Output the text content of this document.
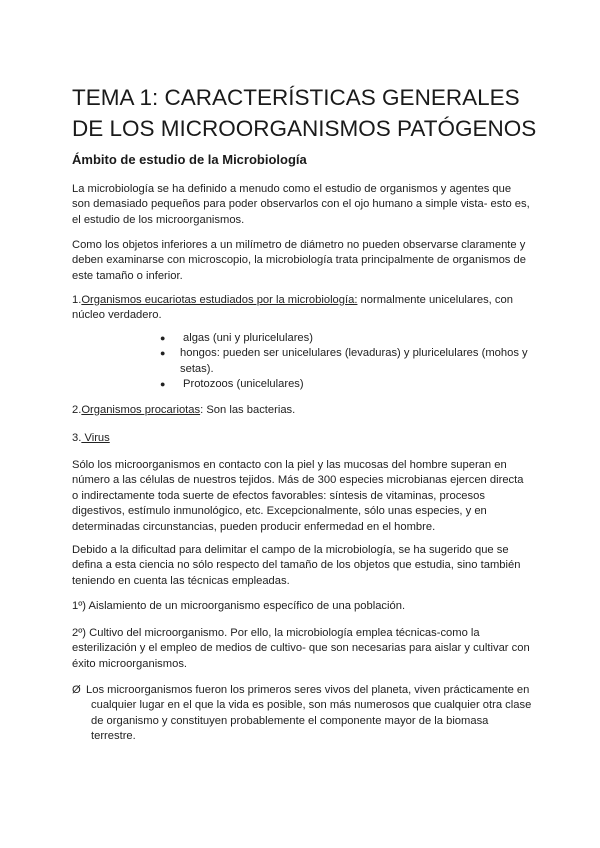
TEMA 1: CARACTERÍSTICAS GENERALES DE LOS MICROORGANISMOS PATÓGENOS
Ámbito de estudio de la Microbiología

La microbiología se ha definido a menudo como el estudio de organismos y agentes que son demasiado pequeños para poder observarlos con el ojo humano a simple vista- esto es, el estudio de los microorganismos.

Como los objetos inferiores a un milímetro de diámetro no pueden observarse claramente y deben examinarse con microscopio, la microbiología trata principalmente de organismos de este tamaño o inferior.

1.Organismos eucariotas estudiados por la microbiología: normalmente unicelulares, con núcleo verdadero.

● algas (uni y pluricelulares)
● hongos: pueden ser unicelulares (levaduras) y pluricelulares (mohos y setas).
● Protozoos (unicelulares)

2.Organismos procariotas: Son las bacterias.

3. Virus

Sólo los microorganismos en contacto con la piel y las mucosas del hombre superan en número a las células de nuestros tejidos. Más de 300 especies microbianas ejercen directa o indirectamente toda suerte de efectos favorables: síntesis de vitaminas, procesos digestivos, estímulo inmunológico, etc. Excepcionalmente, sólo unas especies, y en determinadas circunstancias, pueden producir enfermedad en el hombre.

Debido a la dificultad para delimitar el campo de la microbiología, se ha sugerido que se defina a esta ciencia no sólo respecto del tamaño de los objetos que estudia, sino también teniendo en cuenta las técnicas empleadas.

1º) Aislamiento de un microorganismo específico de una población.

2º) Cultivo del microorganismo. Por ello, la microbiología emplea técnicas-como la esterilización y el empleo de medios de cultivo- que son necesarias para aislar y cultivar con éxito microorganismos.

Ø Los microorganismos fueron los primeros seres vivos del planeta, viven prácticamente en
cualquier lugar en el que la vida es posible, son más numerosos que cualquier otra clase de organismo y constituyen probablemente el componente mayor de la biomasa terrestre.
